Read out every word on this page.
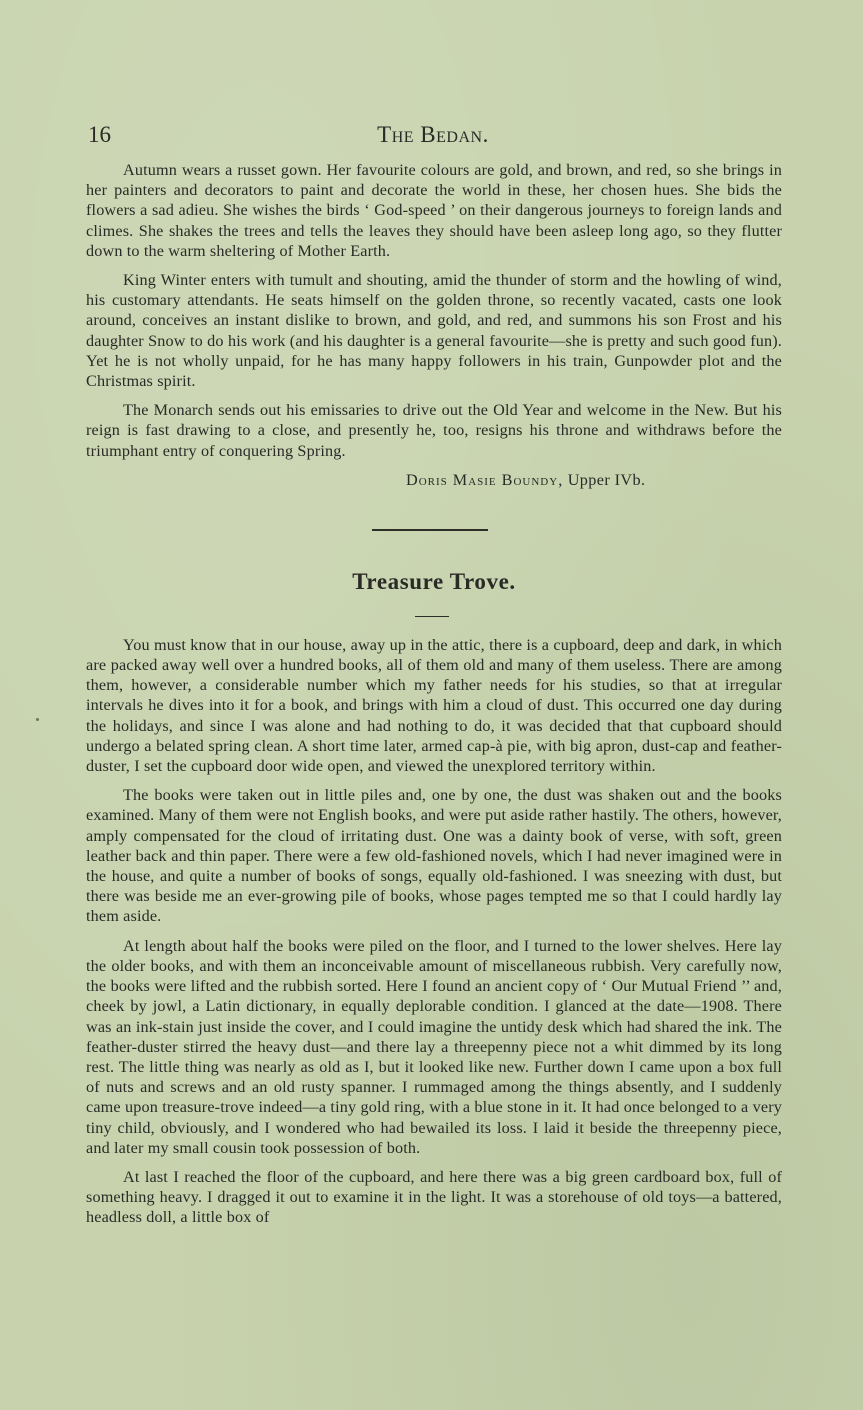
16	The Bedan.

Autumn wears a russet gown. Her favourite colours are gold, and brown, and red, so she brings in her painters and decorators to paint and decorate the world in these, her chosen hues. She bids the flowers a sad adieu. She wishes the birds ‘ God-speed ’ on their dangerous journeys to foreign lands and climes. She shakes the trees and tells the leaves they should have been asleep long ago, so they flutter down to the warm sheltering of Mother Earth.

King Winter enters with tumult and shouting, amid the thunder of storm and the howling of wind, his customary attendants. He seats himself on the golden throne, so recently vacated, casts one look around, conceives an instant dislike to brown, and gold, and red, and summons his son Frost and his daughter Snow to do his work (and his daughter is a general favourite—she is pretty and such good fun). Yet he is not wholly unpaid, for he has many happy followers in his train, Gunpowder plot and the Christmas spirit.

The Monarch sends out his emissaries to drive out the Old Year and welcome in the New. But his reign is fast drawing to a close, and presently he, too, resigns his throne and withdraws before the triumphant entry of conquering Spring.

Doris Masie Boundy, Upper IVb.
Treasure Trove.

You must know that in our house, away up in the attic, there is a cupboard, deep and dark, in which are packed away well over a hundred books, all of them old and many of them useless. There are among them, however, a considerable number which my father needs for his studies, so that at irregular intervals he dives into it for a book, and brings with him a cloud of dust. This occurred one day during the holidays, and since I was alone and had nothing to do, it was decided that that cupboard should undergo a belated spring clean. A short time later, armed cap-à pie, with big apron, dust-cap and feather-duster, I set the cupboard door wide open, and viewed the unexplored territory within.

The books were taken out in little piles and, one by one, the dust was shaken out and the books examined. Many of them were not English books, and were put aside rather hastily. The others, however, amply compensated for the cloud of irritating dust. One was a dainty book of verse, with soft, green leather back and thin paper. There were a few old-fashioned novels, which I had never imagined were in the house, and quite a number of books of songs, equally old-fashioned. I was sneezing with dust, but there was beside me an ever-growing pile of books, whose pages tempted me so that I could hardly lay them aside.

At length about half the books were piled on the floor, and I turned to the lower shelves. Here lay the older books, and with them an inconceivable amount of miscellaneous rubbish. Very carefully now, the books were lifted and the rubbish sorted. Here I found an ancient copy of ‘ Our Mutual Friend ’’ and, cheek by jowl, a Latin dictionary, in equally deplorable condition. I glanced at the date—1908. There was an ink-stain just inside the cover, and I could imagine the untidy desk which had shared the ink. The feather-duster stirred the heavy dust—and there lay a threepenny piece not a whit dimmed by its long rest. The little thing was nearly as old as I, but it looked like new. Further down I came upon a box full of nuts and screws and an old rusty spanner. I rummaged among the things absently, and I suddenly came upon treasure-trove indeed—a tiny gold ring, with a blue stone in it. It had once belonged to a very tiny child, obviously, and I wondered who had bewailed its loss. I laid it beside the threepenny piece, and later my small cousin took possession of both.

At last I reached the floor of the cupboard, and here there was a big green cardboard box, full of something heavy. I dragged it out to examine it in the light. It was a storehouse of old toys—a battered, headless doll, a little box of
